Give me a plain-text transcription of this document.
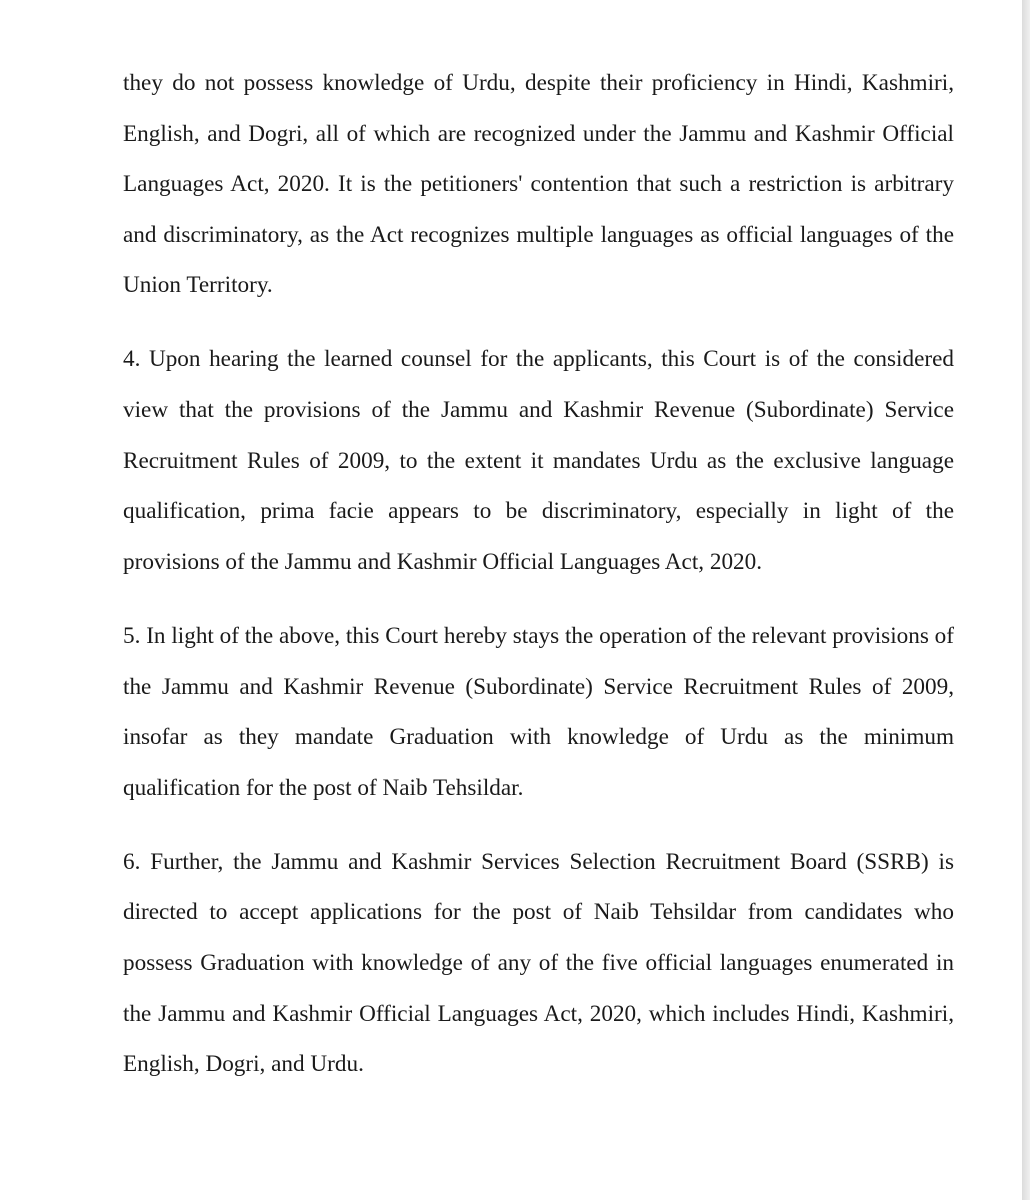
they do not possess knowledge of Urdu, despite their proficiency in Hindi, Kashmiri, English, and Dogri, all of which are recognized under the Jammu and Kashmir Official Languages Act, 2020. It is the petitioners' contention that such a restriction is arbitrary and discriminatory, as the Act recognizes multiple languages as official languages of the Union Territory.

4. Upon hearing the learned counsel for the applicants, this Court is of the considered view that the provisions of the Jammu and Kashmir Revenue (Subordinate) Service Recruitment Rules of 2009, to the extent it mandates Urdu as the exclusive language qualification, prima facie appears to be discriminatory, especially in light of the provisions of the Jammu and Kashmir Official Languages Act, 2020.

5. In light of the above, this Court hereby stays the operation of the relevant provisions of the Jammu and Kashmir Revenue (Subordinate) Service Recruitment Rules of 2009, insofar as they mandate Graduation with knowledge of Urdu as the minimum qualification for the post of Naib Tehsildar.

6. Further, the Jammu and Kashmir Services Selection Recruitment Board (SSRB) is directed to accept applications for the post of Naib Tehsildar from candidates who possess Graduation with knowledge of any of the five official languages enumerated in the Jammu and Kashmir Official Languages Act, 2020, which includes Hindi, Kashmiri, English, Dogri, and Urdu.
